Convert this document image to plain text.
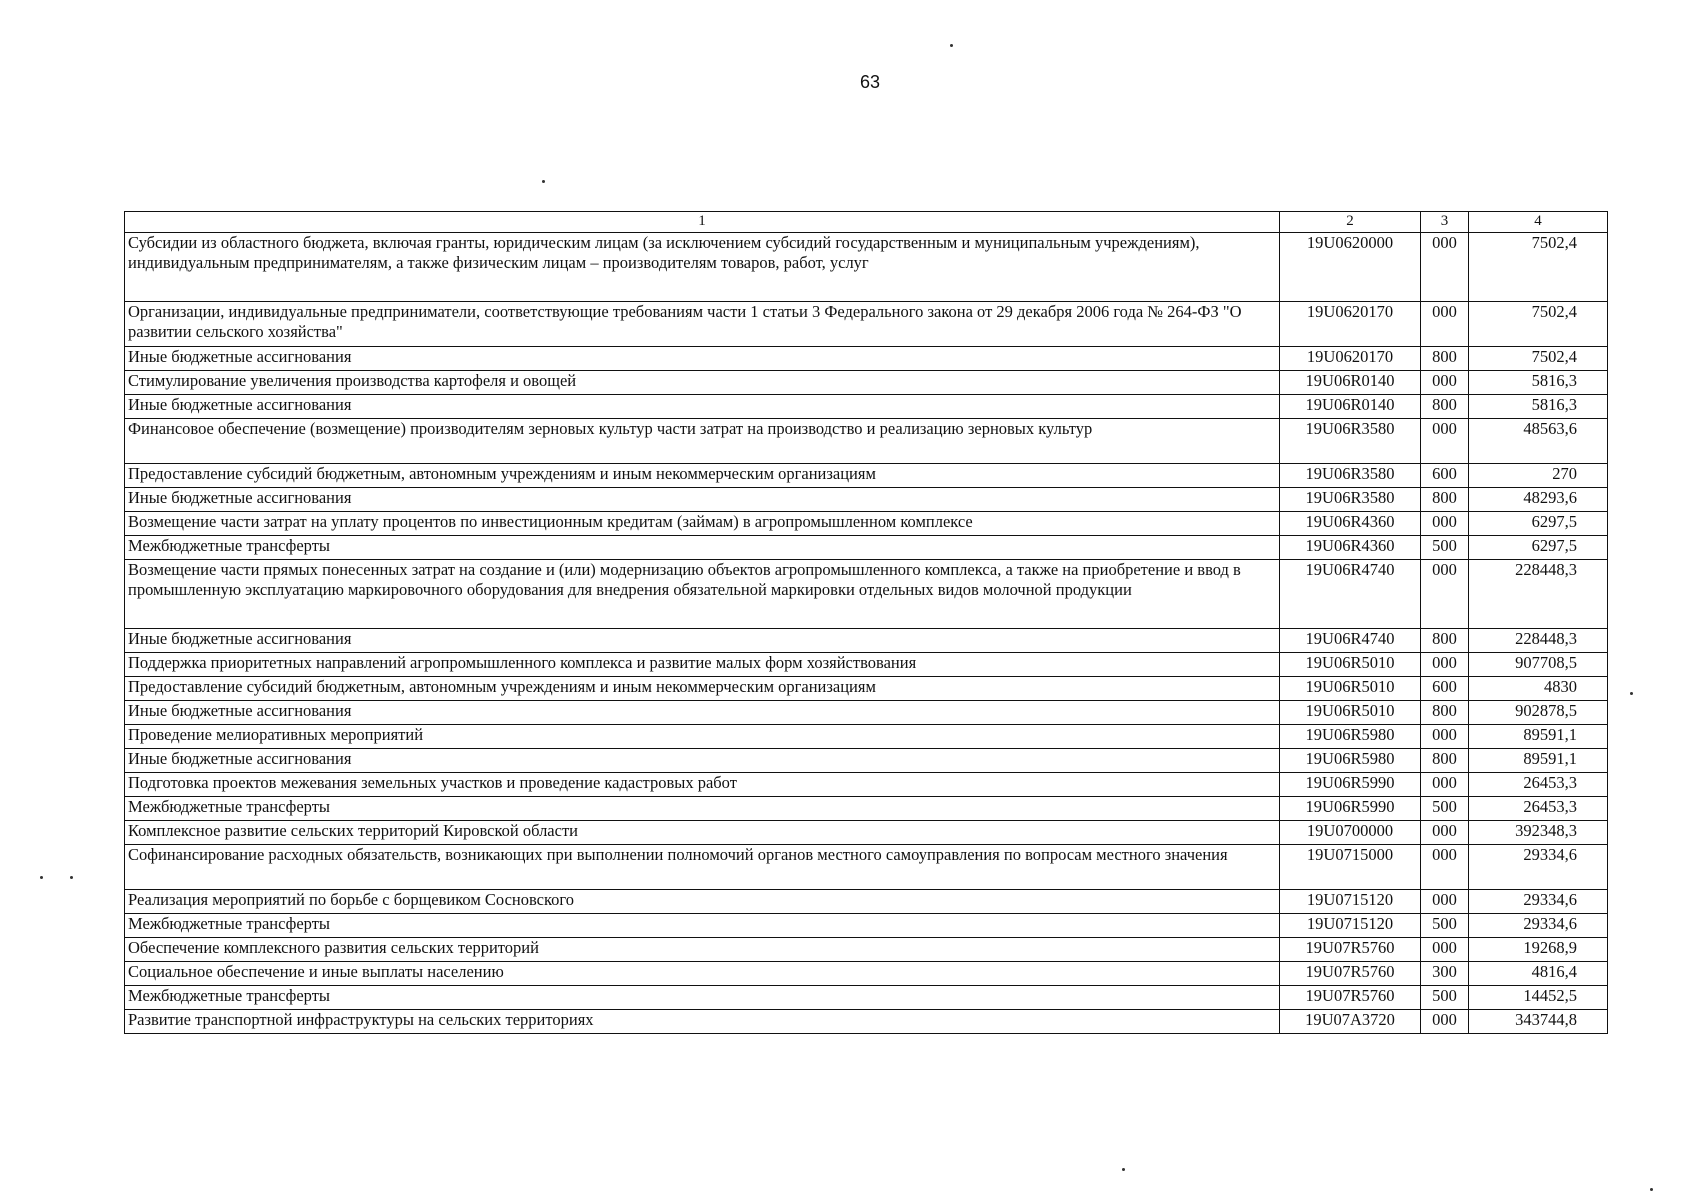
63
1	2	3	4
Субсидии из областного бюджета, включая гранты, юридическим лицам (за исключением субсидий государственным и муниципальным учреждениям), индивидуальным предпринимателям, а также физическим лицам – производителям товаров, работ, услуг	19U0620000	000	7502,4
Организации, индивидуальные предприниматели, соответствующие требованиям части 1 статьи 3 Федерального закона от 29 декабря 2006 года № 264-ФЗ "О развитии сельского хозяйства"	19U0620170	000	7502,4
Иные бюджетные ассигнования	19U0620170	800	7502,4
Стимулирование увеличения производства картофеля и овощей	19U06R0140	000	5816,3
Иные бюджетные ассигнования	19U06R0140	800	5816,3
Финансовое обеспечение (возмещение) производителям зерновых культур части затрат на производство и реализацию зерновых культур	19U06R3580	000	48563,6
Предоставление субсидий бюджетным, автономным учреждениям и иным некоммерческим организациям	19U06R3580	600	270
Иные бюджетные ассигнования	19U06R3580	800	48293,6
Возмещение части затрат на уплату процентов по инвестиционным кредитам (займам) в агропромышленном комплексе	19U06R4360	000	6297,5
Межбюджетные трансферты	19U06R4360	500	6297,5
Возмещение части прямых понесенных затрат на создание и (или) модернизацию объектов агропромышленного комплекса, а также на приобретение и ввод в промышленную эксплуатацию маркировочного оборудования для внедрения обязательной маркировки отдельных видов молочной продукции	19U06R4740	000	228448,3
Иные бюджетные ассигнования	19U06R4740	800	228448,3
Поддержка приоритетных направлений агропромышленного комплекса и развитие малых форм хозяйствования	19U06R5010	000	907708,5
Предоставление субсидий бюджетным, автономным учреждениям и иным некоммерческим организациям	19U06R5010	600	4830
Иные бюджетные ассигнования	19U06R5010	800	902878,5
Проведение мелиоративных мероприятий	19U06R5980	000	89591,1
Иные бюджетные ассигнования	19U06R5980	800	89591,1
Подготовка проектов межевания земельных участков и проведение кадастровых работ	19U06R5990	000	26453,3
Межбюджетные трансферты	19U06R5990	500	26453,3
Комплексное развитие сельских территорий Кировской области	19U0700000	000	392348,3
Софинансирование расходных обязательств, возникающих при выполнении полномочий органов местного самоуправления по вопросам местного значения	19U0715000	000	29334,6
Реализация мероприятий по борьбе с борщевиком Сосновского	19U0715120	000	29334,6
Межбюджетные трансферты	19U0715120	500	29334,6
Обеспечение комплексного развития сельских территорий	19U07R5760	000	19268,9
Социальное обеспечение и иные выплаты населению	19U07R5760	300	4816,4
Межбюджетные трансферты	19U07R5760	500	14452,5
Развитие транспортной инфраструктуры на сельских территориях	19U07A3720	000	343744,8
